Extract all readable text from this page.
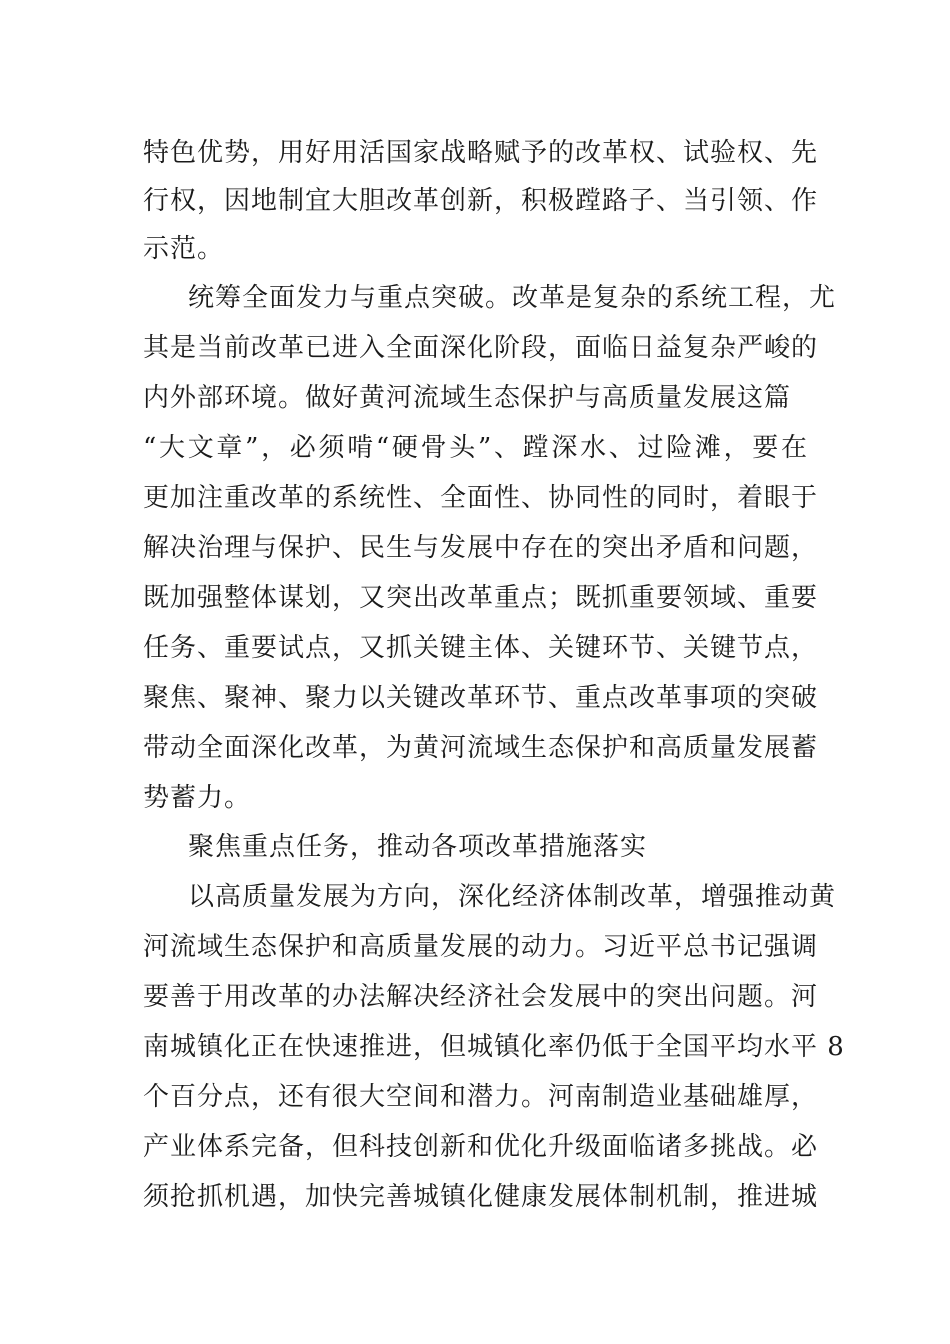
特色优势，用好用活国家战略赋予的改革权、试验权、先
行权，因地制宜大胆改革创新，积极蹚路子、当引领、作
示范。
统筹全面发力与重点突破。改革是复杂的系统工程，尤
其是当前改革已进入全面深化阶段，面临日益复杂严峻的
内外部环境。做好黄河流域生态保护与高质量发展这篇
“大文章”，必须啃“硬骨头”、蹚深水、过险滩，要在
更加注重改革的系统性、全面性、协同性的同时，着眼于
解决治理与保护、民生与发展中存在的突出矛盾和问题，
既加强整体谋划，又突出改革重点；既抓重要领域、重要
任务、重要试点，又抓关键主体、关键环节、关键节点，
聚焦、聚神、聚力以关键改革环节、重点改革事项的突破
带动全面深化改革，为黄河流域生态保护和高质量发展蓄
势蓄力。
聚焦重点任务，推动各项改革措施落实
以高质量发展为方向，深化经济体制改革，增强推动黄
河流域生态保护和高质量发展的动力。习近平总书记强调
要善于用改革的办法解决经济社会发展中的突出问题。河
南城镇化正在快速推进，但城镇化率仍低于全国平均水平 8
个百分点，还有很大空间和潜力。河南制造业基础雄厚，
产业体系完备，但科技创新和优化升级面临诸多挑战。必
须抢抓机遇，加快完善城镇化健康发展体制机制，推进城
